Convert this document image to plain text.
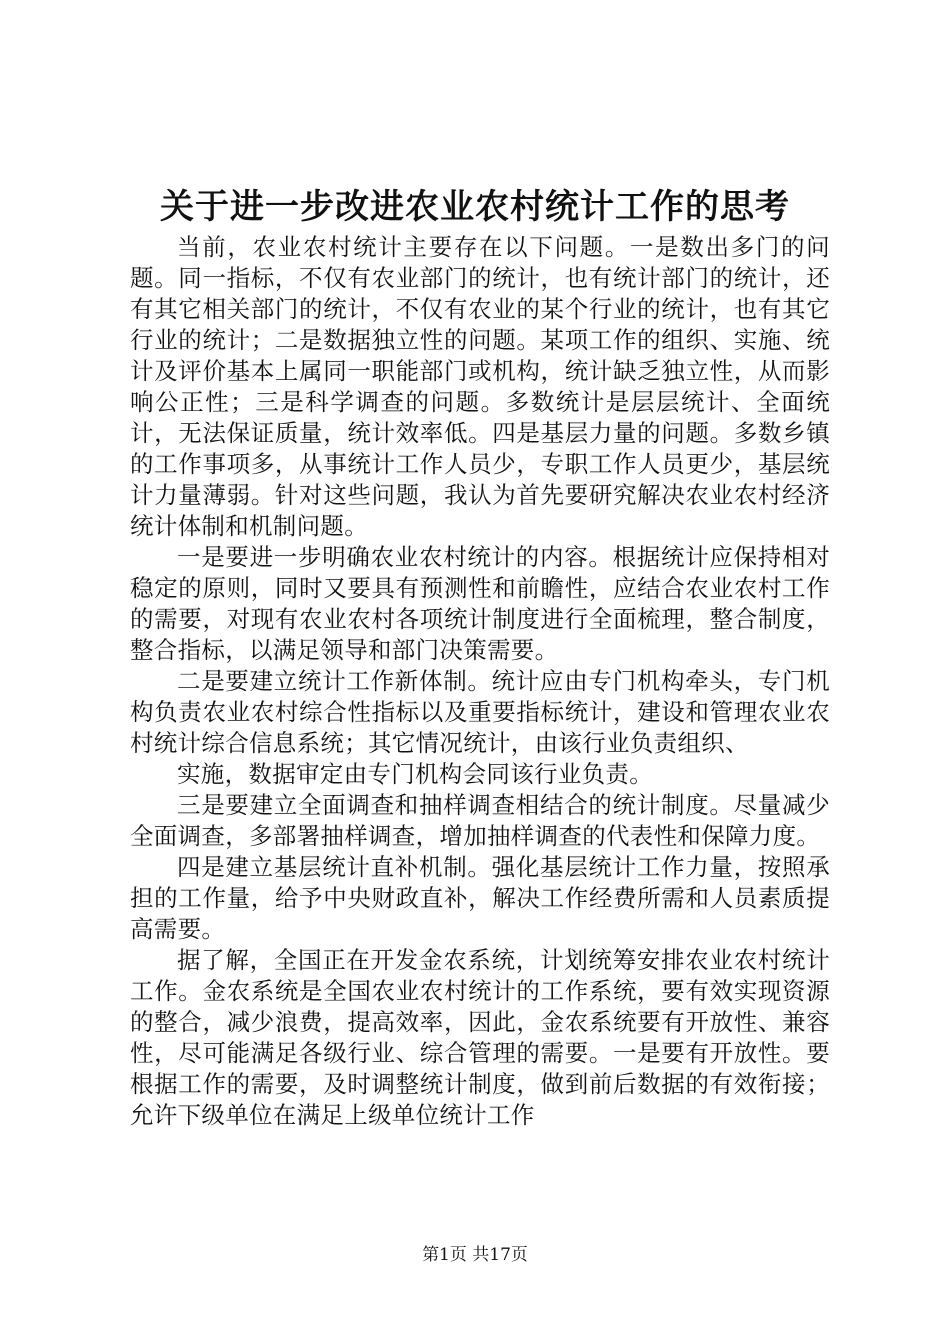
关于进一步改进农业农村统计工作的思考

当前，农业农村统计主要存在以下问题。一是数出多门的问题。同一指标，不仅有农业部门的统计，也有统计部门的统计，还有其它相关部门的统计，不仅有农业的某个行业的统计，也有其它行业的统计；二是数据独立性的问题。某项工作的组织、实施、统计及评价基本上属同一职能部门或机构，统计缺乏独立性，从而影响公正性；三是科学调查的问题。多数统计是层层统计、全面统计，无法保证质量，统计效率低。四是基层力量的问题。多数乡镇的工作事项多，从事统计工作人员少，专职工作人员更少，基层统计力量薄弱。针对这些问题，我认为首先要研究解决农业农村经济统计体制和机制问题。

一是要进一步明确农业农村统计的内容。根据统计应保持相对稳定的原则，同时又要具有预测性和前瞻性，应结合农业农村工作的需要，对现有农业农村各项统计制度进行全面梳理，整合制度，整合指标，以满足领导和部门决策需要。

二是要建立统计工作新体制。统计应由专门机构牵头，专门机构负责农业农村综合性指标以及重要指标统计，建设和管理农业农村统计综合信息系统；其它情况统计，由该行业负责组织、

实施，数据审定由专门机构会同该行业负责。

三是要建立全面调查和抽样调查相结合的统计制度。尽量减少全面调查，多部署抽样调查，增加抽样调查的代表性和保障力度。

四是建立基层统计直补机制。强化基层统计工作力量，按照承担的工作量，给予中央财政直补，解决工作经费所需和人员素质提高需要。

据了解，全国正在开发金农系统，计划统筹安排农业农村统计工作。金农系统是全国农业农村统计的工作系统，要有效实现资源的整合，减少浪费，提高效率，因此，金农系统要有开放性、兼容性，尽可能满足各级行业、综合管理的需要。一是要有开放性。要根据工作的需要，及时调整统计制度，做到前后数据的有效衔接；允许下级单位在满足上级单位统计工作

第1页 共17页
